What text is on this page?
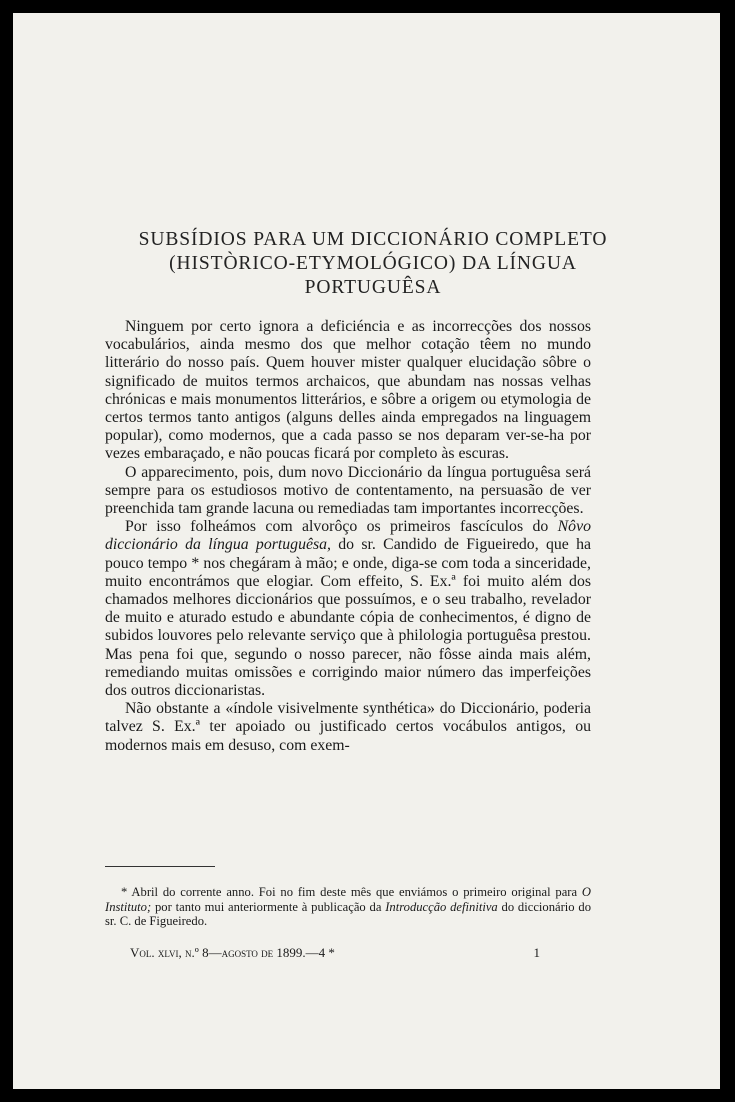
SUBSÍDIOS PARA UM DICCIONÁRIO COMPLETO
(HISTÒRICO-ETYMOLÓGICO) DA LÍNGUA
PORTUGUÊSA

Ninguem por certo ignora a deficiéncia e as incorrecções dos nossos vocabulários, ainda mesmo dos que melhor cotação têem no mundo litterário do nosso país. Quem houver mister qualquer elucidação sôbre o significado de muitos termos archaicos, que abundam nas nossas velhas chrónicas e mais monumentos litterários, e sôbre a origem ou etymologia de certos termos tanto antigos (alguns delles ainda empregados na linguagem popular), como modernos, que a cada passo se nos deparam ver-se-ha por vezes embaraçado, e não poucas ficará por completo às escuras.

O apparecimento, pois, dum novo Diccionário da língua portuguêsa será sempre para os estudiosos motivo de contentamento, na persuasão de ver preenchida tam grande lacuna ou remediadas tam importantes incorrecções.

Por isso folheámos com alvorôço os primeiros fascículos do Nôvo diccionário da língua portuguêsa, do sr. Candido de Figueiredo, que ha pouco tempo * nos chegáram à mão; e onde, diga-se com toda a sinceridade, muito encontrámos que elogiar. Com effeito, S. Ex.ª foi muito além dos chamados melhores diccionários que possuímos, e o seu trabalho, revelador de muito e aturado estudo e abundante cópia de conhecimentos, é digno de subidos louvores pelo relevante serviço que à philologia portuguêsa prestou. Mas pena foi que, segundo o nosso parecer, não fôsse ainda mais além, remediando muitas omissões e corrigindo maior número das imperfeições dos outros diccionaristas.

Não obstante a «índole visivelmente synthética» do Diccionário, poderia talvez S. Ex.ª ter apoiado ou justificado certos vocábulos antigos, ou modernos mais em desuso, com exem-

* Abril do corrente anno. Foi no fim deste mês que enviámos o primeiro original para O Instituto; por tanto mui anteriormente à publicação da Introducção definitiva do diccionário do sr. C. de Figueiredo.

Vol. xlvi, n.º 8—agosto de 1899.—4 *	1
